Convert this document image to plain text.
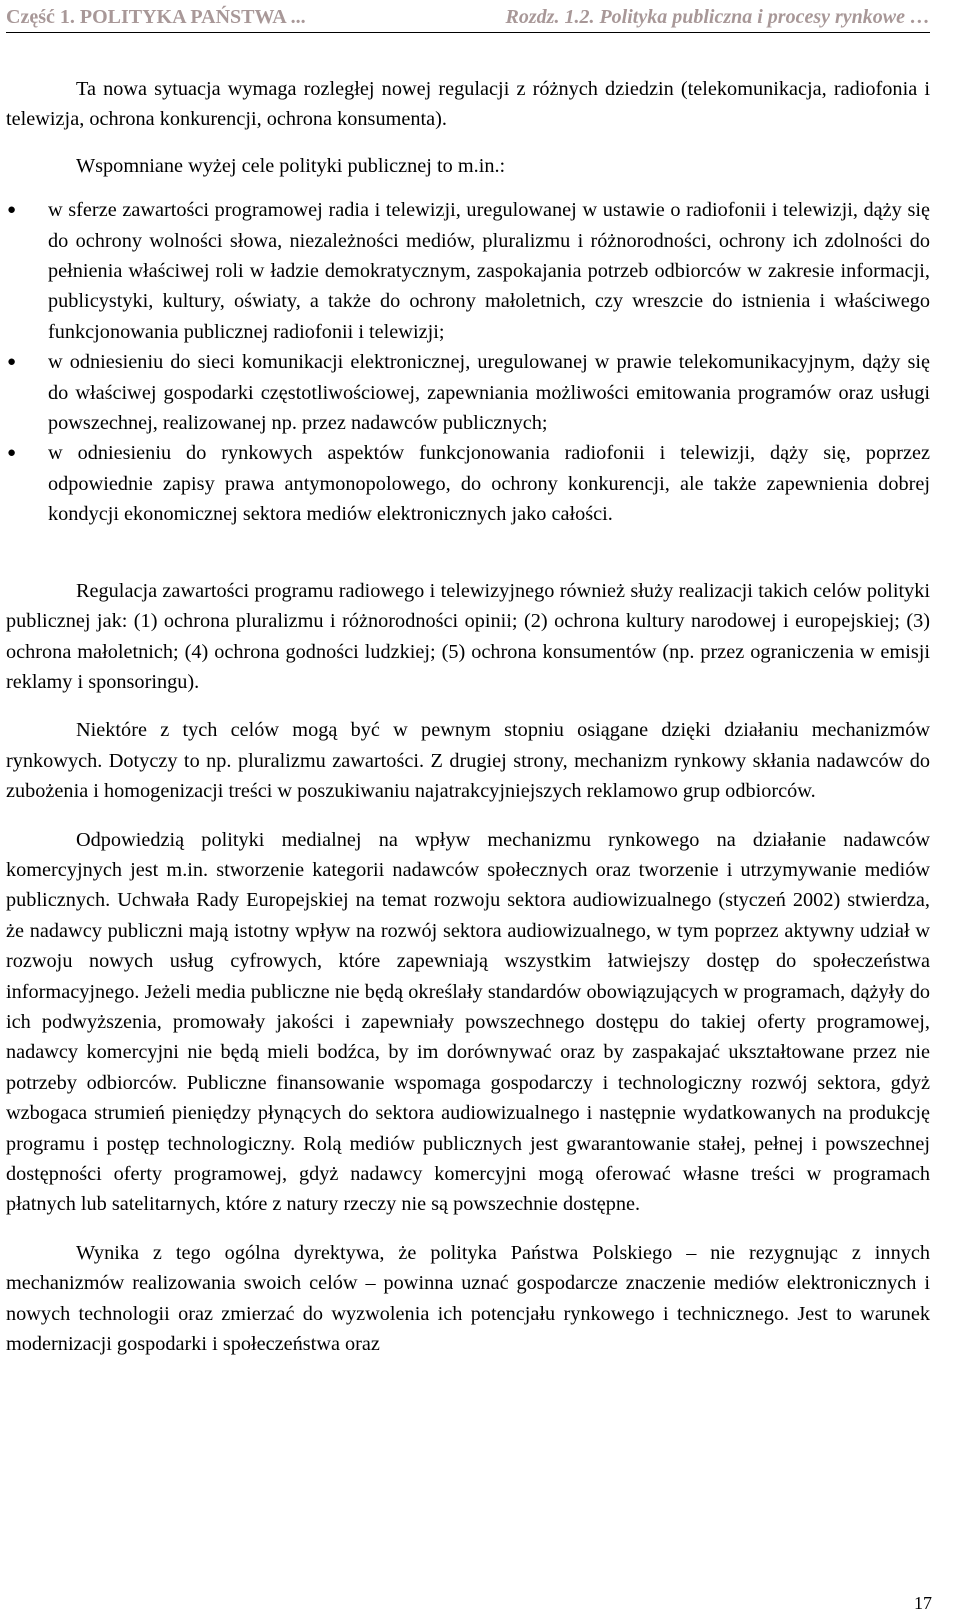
Część 1. POLITYKA PAŃSTWA ...	Rozdz. 1.2. Polityka publiczna i procesy rynkowe …

Ta nowa sytuacja wymaga rozległej nowej regulacji z różnych dziedzin (telekomunikacja, radiofonia i telewizja, ochrona konkurencji, ochrona konsumenta).

Wspomniane wyżej cele polityki publicznej to m.in.:

● w sferze zawartości programowej radia i telewizji, uregulowanej w ustawie o radiofonii i telewizji, dąży się do ochrony wolności słowa, niezależności mediów, pluralizmu i różnorodności, ochrony ich zdolności do pełnienia właściwej roli w ładzie demokratycznym, zaspokajania potrzeb odbiorców w zakresie informacji, publicystyki, kultury, oświaty, a także do ochrony małoletnich, czy wreszcie do istnienia i właściwego funkcjonowania publicznej radiofonii i telewizji;
● w odniesieniu do sieci komunikacji elektronicznej, uregulowanej w prawie telekomunikacyjnym, dąży się do właściwej gospodarki częstotliwościowej, zapewniania możliwości emitowania programów oraz usługi powszechnej, realizowanej np. przez nadawców publicznych;
● w odniesieniu do rynkowych aspektów funkcjonowania radiofonii i telewizji, dąży się, poprzez odpowiednie zapisy prawa antymonopolowego, do ochrony konkurencji, ale także zapewnienia dobrej kondycji ekonomicznej sektora mediów elektronicznych jako całości.

Regulacja zawartości programu radiowego i telewizyjnego również służy realizacji takich celów polityki publicznej jak: (1) ochrona pluralizmu i różnorodności opinii; (2) ochrona kultury narodowej i europejskiej; (3) ochrona małoletnich; (4) ochrona godności ludzkiej; (5) ochrona konsumentów (np. przez ograniczenia w emisji reklamy i sponsoringu).

Niektóre z tych celów mogą być w pewnym stopniu osiągane dzięki działaniu mechanizmów rynkowych. Dotyczy to np. pluralizmu zawartości. Z drugiej strony, mechanizm rynkowy skłania nadawców do zubożenia i homogenizacji treści w poszukiwaniu najatrakcyjniejszych reklamowo grup odbiorców.

Odpowiedzią polityki medialnej na wpływ mechanizmu rynkowego na działanie nadawców komercyjnych jest m.in. stworzenie kategorii nadawców społecznych oraz tworzenie i utrzymywanie mediów publicznych. Uchwała Rady Europejskiej na temat rozwoju sektora audiowizualnego (styczeń 2002) stwierdza, że nadawcy publiczni mają istotny wpływ na rozwój sektora audiowizualnego, w tym poprzez aktywny udział w rozwoju nowych usług cyfrowych, które zapewniają wszystkim łatwiejszy dostęp do społeczeństwa informacyjnego. Jeżeli media publiczne nie będą określały standardów obowiązujących w programach, dążyły do ich podwyższenia, promowały jakości i zapewniały powszechnego dostępu do takiej oferty programowej, nadawcy komercyjni nie będą mieli bodźca, by im dorównywać oraz by zaspakajać ukształtowane przez nie potrzeby odbiorców. Publiczne finansowanie wspomaga gospodarczy i technologiczny rozwój sektora, gdyż wzbogaca strumień pieniędzy płynących do sektora audiowizualnego i następnie wydatkowanych na produkcję programu i postęp technologiczny. Rolą mediów publicznych jest gwarantowanie stałej, pełnej i powszechnej dostępności oferty programowej, gdyż nadawcy komercyjni mogą oferować własne treści w programach płatnych lub satelitarnych, które z natury rzeczy nie są powszechnie dostępne.

Wynika z tego ogólna dyrektywa, że polityka Państwa Polskiego – nie rezygnując z innych mechanizmów realizowania swoich celów – powinna uznać gospodarcze znaczenie mediów elektronicznych i nowych technologii oraz zmierzać do wyzwolenia ich potencjału rynkowego i technicznego. Jest to warunek modernizacji gospodarki i społeczeństwa oraz

17
